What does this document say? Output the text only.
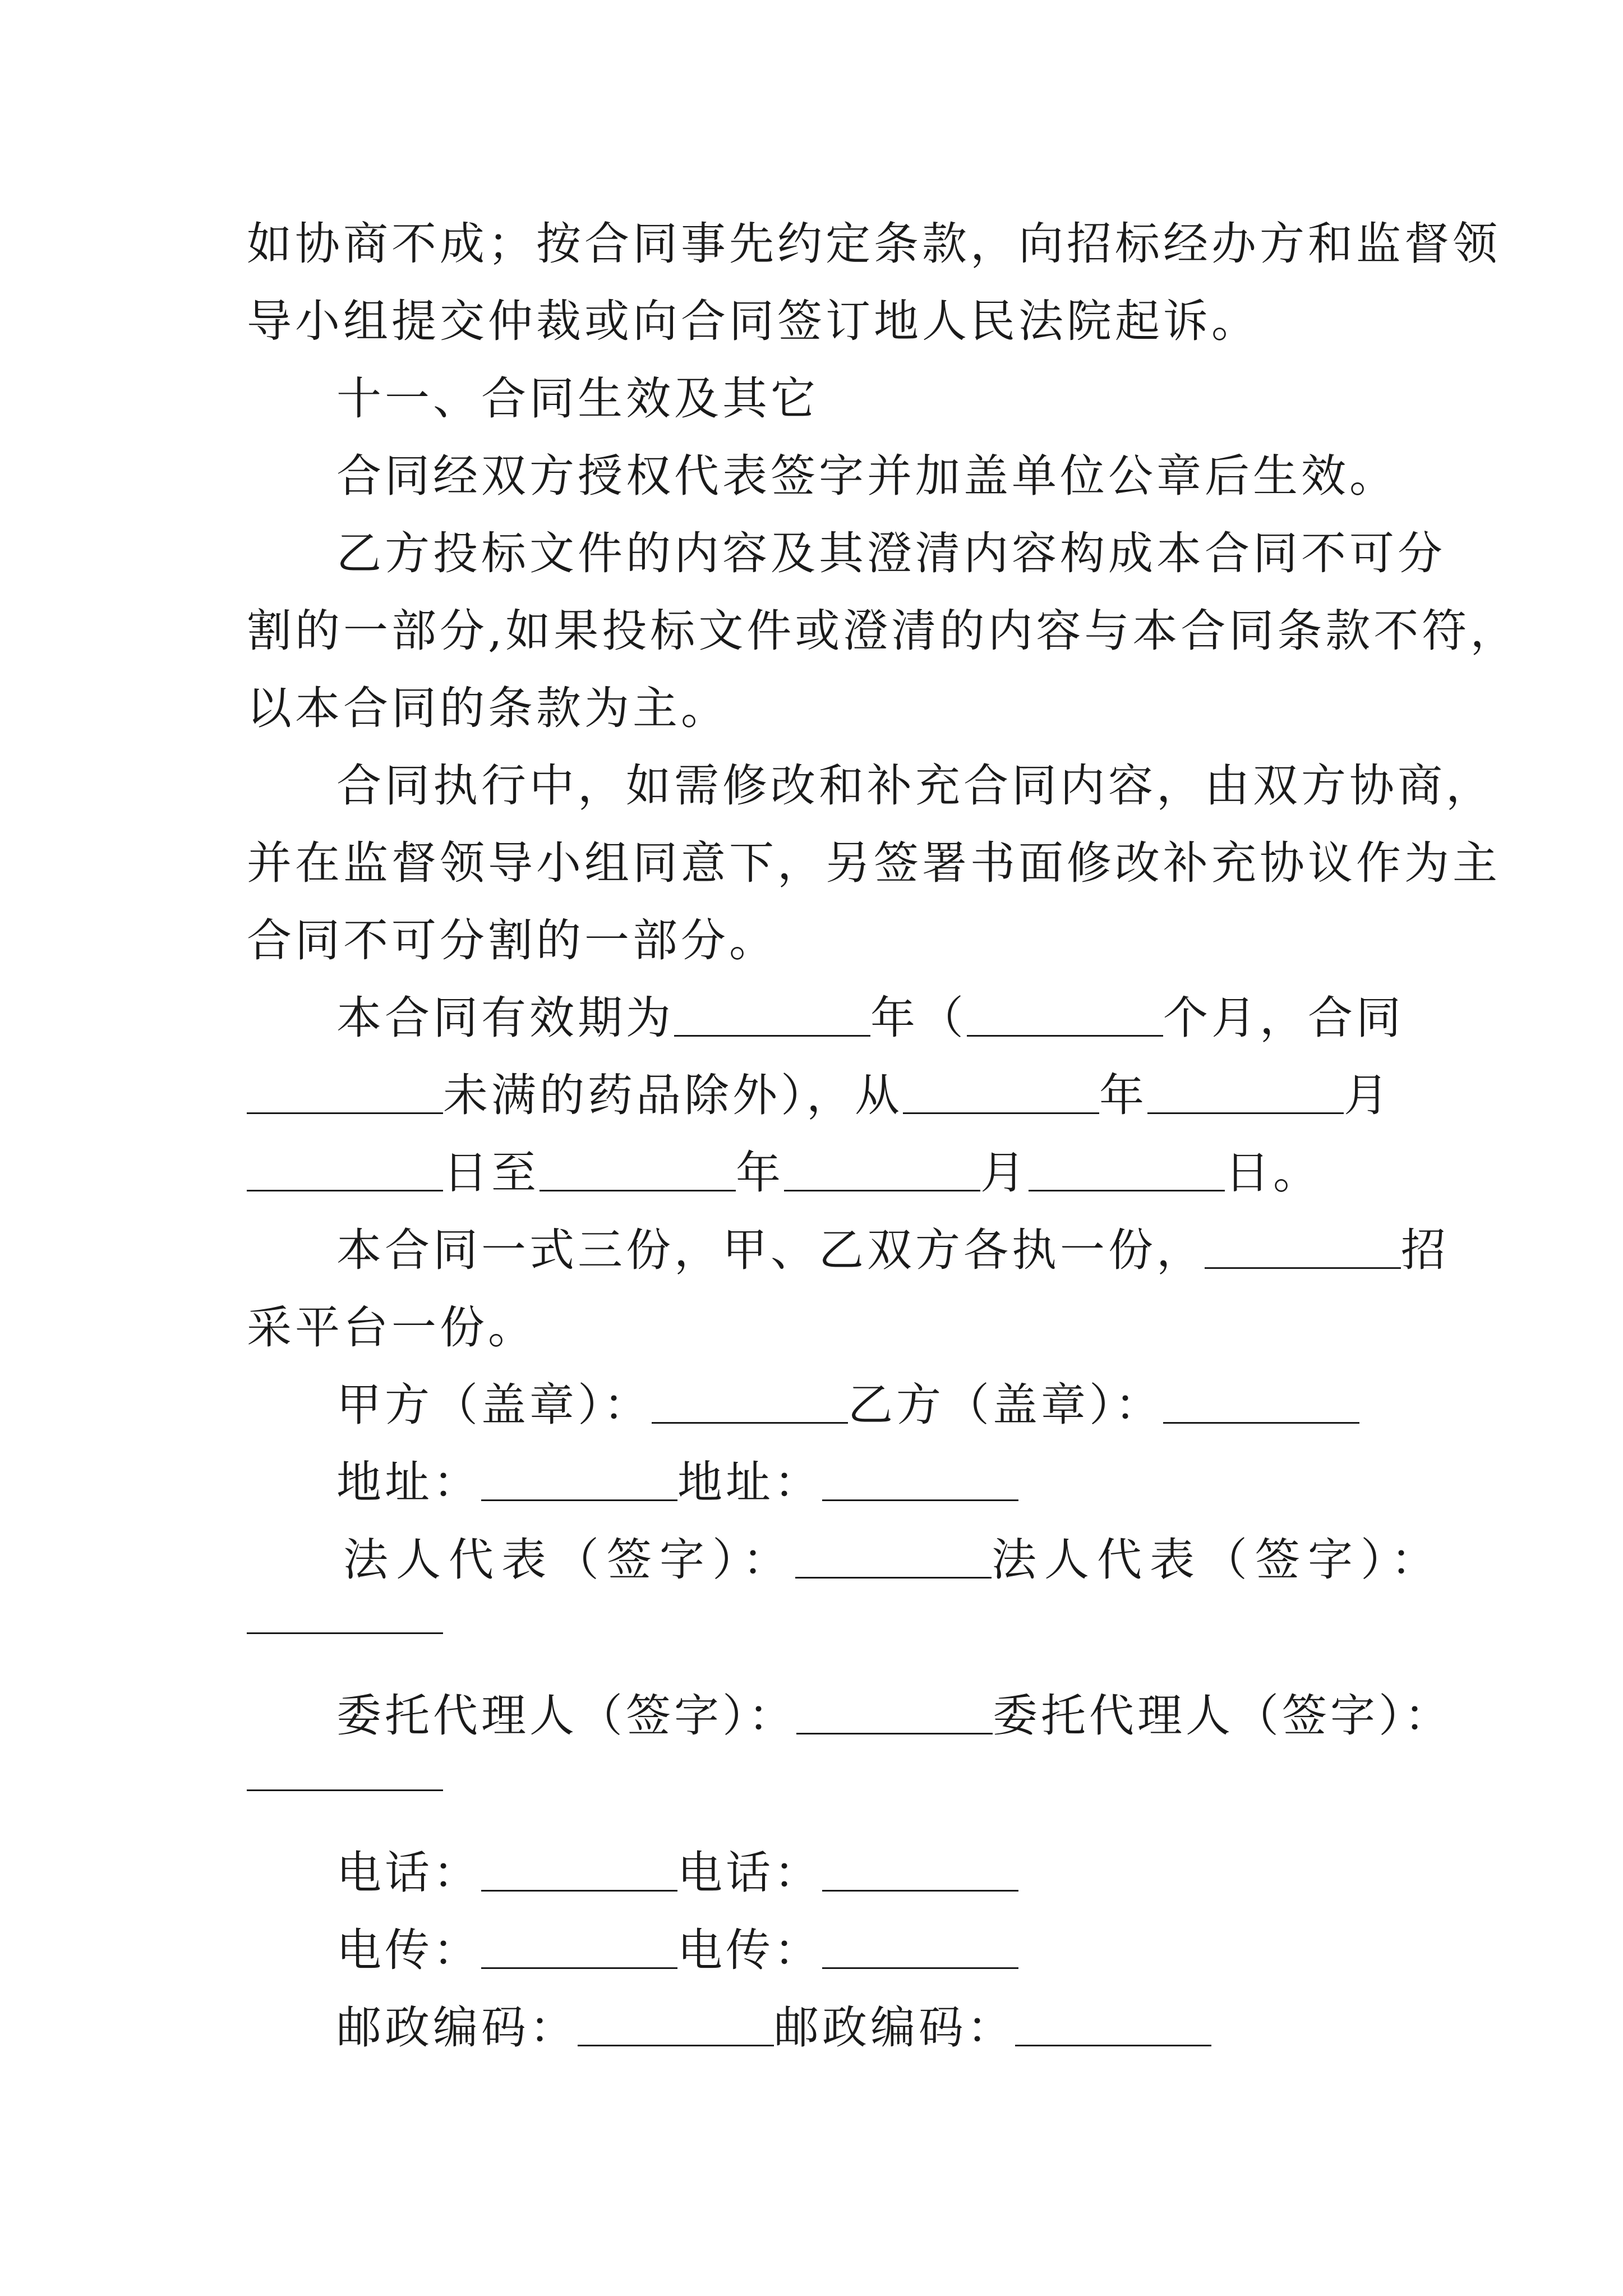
如协商不成；按合同事先约定条款，向招标经办方和监督领
导小组提交仲裁或向合同签订地人民法院起诉。
十一、合同生效及其它
合同经双方授权代表签字并加盖单位公章后生效。
乙方投标文件的内容及其澄清内容构成本合同不可分
割的一部分,如果投标文件或澄清的内容与本合同条款不符，
以本合同的条款为主。
合同执行中，如需修改和补充合同内容，由双方协商，
并在监督领导小组同意下，另签署书面修改补充协议作为主
合同不可分割的一部分。
本合同有效期为	年（	个月，合同
未满的药品除外），从	年	月
日至	年	月	日。
本合同一式三份，甲、乙双方各执一份，	招
采平台一份。
甲方（盖章）：	乙方（盖章）：
地址：	地址：
法人代表（签字）：	法人代表（签字）：
委托代理人（签字）：	委托代理人（签字）：
电话：	电话：
电传：	电传：
邮政编码：	邮政编码：
